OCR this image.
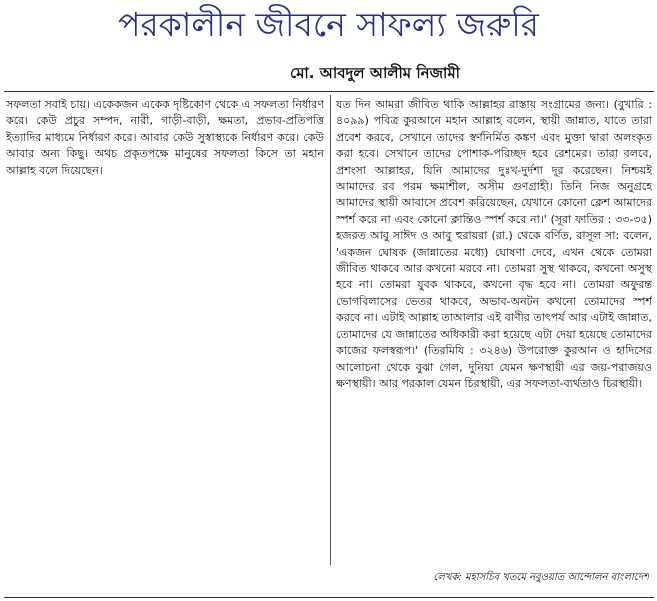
পরকালীন জীবনে সাফল্য জরুরি
মো. আবদুল আলীম নিজামী

সফলতা সবাই চায়। একেকজন একেক দৃষ্টিকোণ থেকে এ সফলতা নির্ধারণ করে। কেউ প্রচুর সম্পদ, নারী, গাড়ী-বাড়ী, ক্ষমতা, প্রভাব-প্রতিপত্তি ইত্যাদির মাধ্যমে নির্ধারণ করে। আবার কেউ সুস্বাস্থ্যকে নির্ধারণ করে। কেউ আবার অন্য কিছু। অথচ প্রকৃতপক্ষে মানুষের সফলতা কিসে তা মহান আল্লাহ বলে দিয়েছেন।

যত দিন আমরা জীবিত থাকি আল্লাহর রাস্তায় সংগ্রামের জন্য। (বুখারি : ৪০৯৯) পবিত্র কুরআনে মহান আল্লাহ বলেন, স্থায়ী জান্নাত, যাতে তারা প্রবেশ করবে, সেখানে তাদের স্বর্ণনির্মিত কঙ্কণ এবং মুক্তা দ্বারা অলংকৃত করা হবে। সেখানে তাদের পোশাক-পরিচ্ছদ হবে রেশমের। তারা বলবে, প্রশংসা আল্লাহর, যিনি আমাদের দুঃখ-দুর্দশা দূর করেছেন। নিশ্চয়ই আমাদের রব পরম ক্ষমাশীল, অসীম গুণগ্রাহী। তিনি নিজ অনুগ্রহে আমাদের স্থায়ী আবাসে প্রবেশ করিয়েছেন, যেখানে কোনো ক্লেশ আমাদের স্পর্শ করে না এবং কোনো ক্লান্তিও স্পর্শ করে না।' (সূরা ফাতির : ৩৩-৩৫) হজরত আবু সাঈদ ও আবু হুরায়রা (রা.) থেকে বর্ণিত, রাসূল সা: বলেন, 'একজন ঘোষক (জান্নাতের মধ্যে) ঘোষণা দেবে, এখন থেকে তোমরা জীবিত থাকবে আর কখনো মরবে না। তোমরা সুস্থ থাকবে, কখনো অসুস্থ হবে না। তোমরা যুবক থাকবে, কখনো বৃদ্ধ হবে না। তোমরা অফুরন্ত ভোগবিলাসের ভেতর থাকবে, অভাব-অনটন কখনো তোমাদের স্পর্শ করবে না। এটাই আল্লাহ তাআলার এই বাণীর তাৎপর্য আর এটাই জান্নাত, তোমাদের যে জান্নাতের অধিকারী করা হয়েছে এটা দেয়া হয়েছে তোমাদের কাজের ফলস্বরূপ।' (তিরমিযি : ৩২৪৬) উপরোক্ত কুরআন ও হাদিসের আলোচনা থেকে বুঝা গেল, দুনিয়া যেমন ক্ষণস্থায়ী এর জয়-পরাজয়ও ক্ষণস্থায়ী। আর পরকাল যেমন চিরস্থায়ী, এর সফলতা-ব্যর্থতাও চিরস্থায়ী।

লেখক: মহাসচিব খতমে নবুওয়াত আন্দোলন বাংলাদেশ
